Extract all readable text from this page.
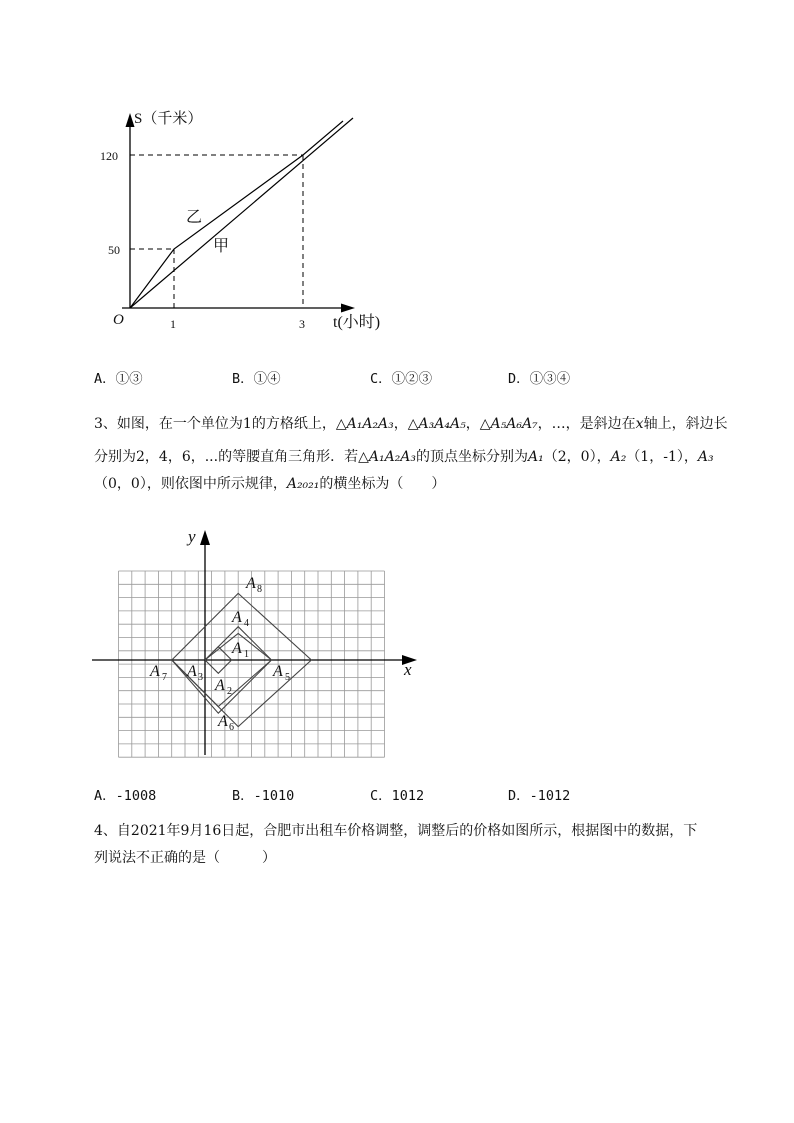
S（千米）
t(小时)
O	1	3
50
120
乙
甲
A．①③	B．①④	C．①②③	D．①③④
3、如图，在一个单位为1的方格纸上，△A₁A₂A₃，△A₃A₄A₅，△A₅A₆A₇，…，是斜边在x轴上，斜边长
分别为2，4，6，...的等腰直角三角形．若△A₁A₂A₃的顶点坐标分别为A₁（2，0），A₂（1，-1），A₃
（0，0），则依图中所示规律，A₂₀₂₁的横坐标为（　　）
y
x
A 8
A 4
A 1
A 7 A 3	A 5
A 2
A 6
A．-1008	B．-1010	C．1012	D．-1012
4、自2021年9月16日起，合肥市出租车价格调整，调整后的价格如图所示，根据图中的数据，下
列说法不正确的是（　　　）
